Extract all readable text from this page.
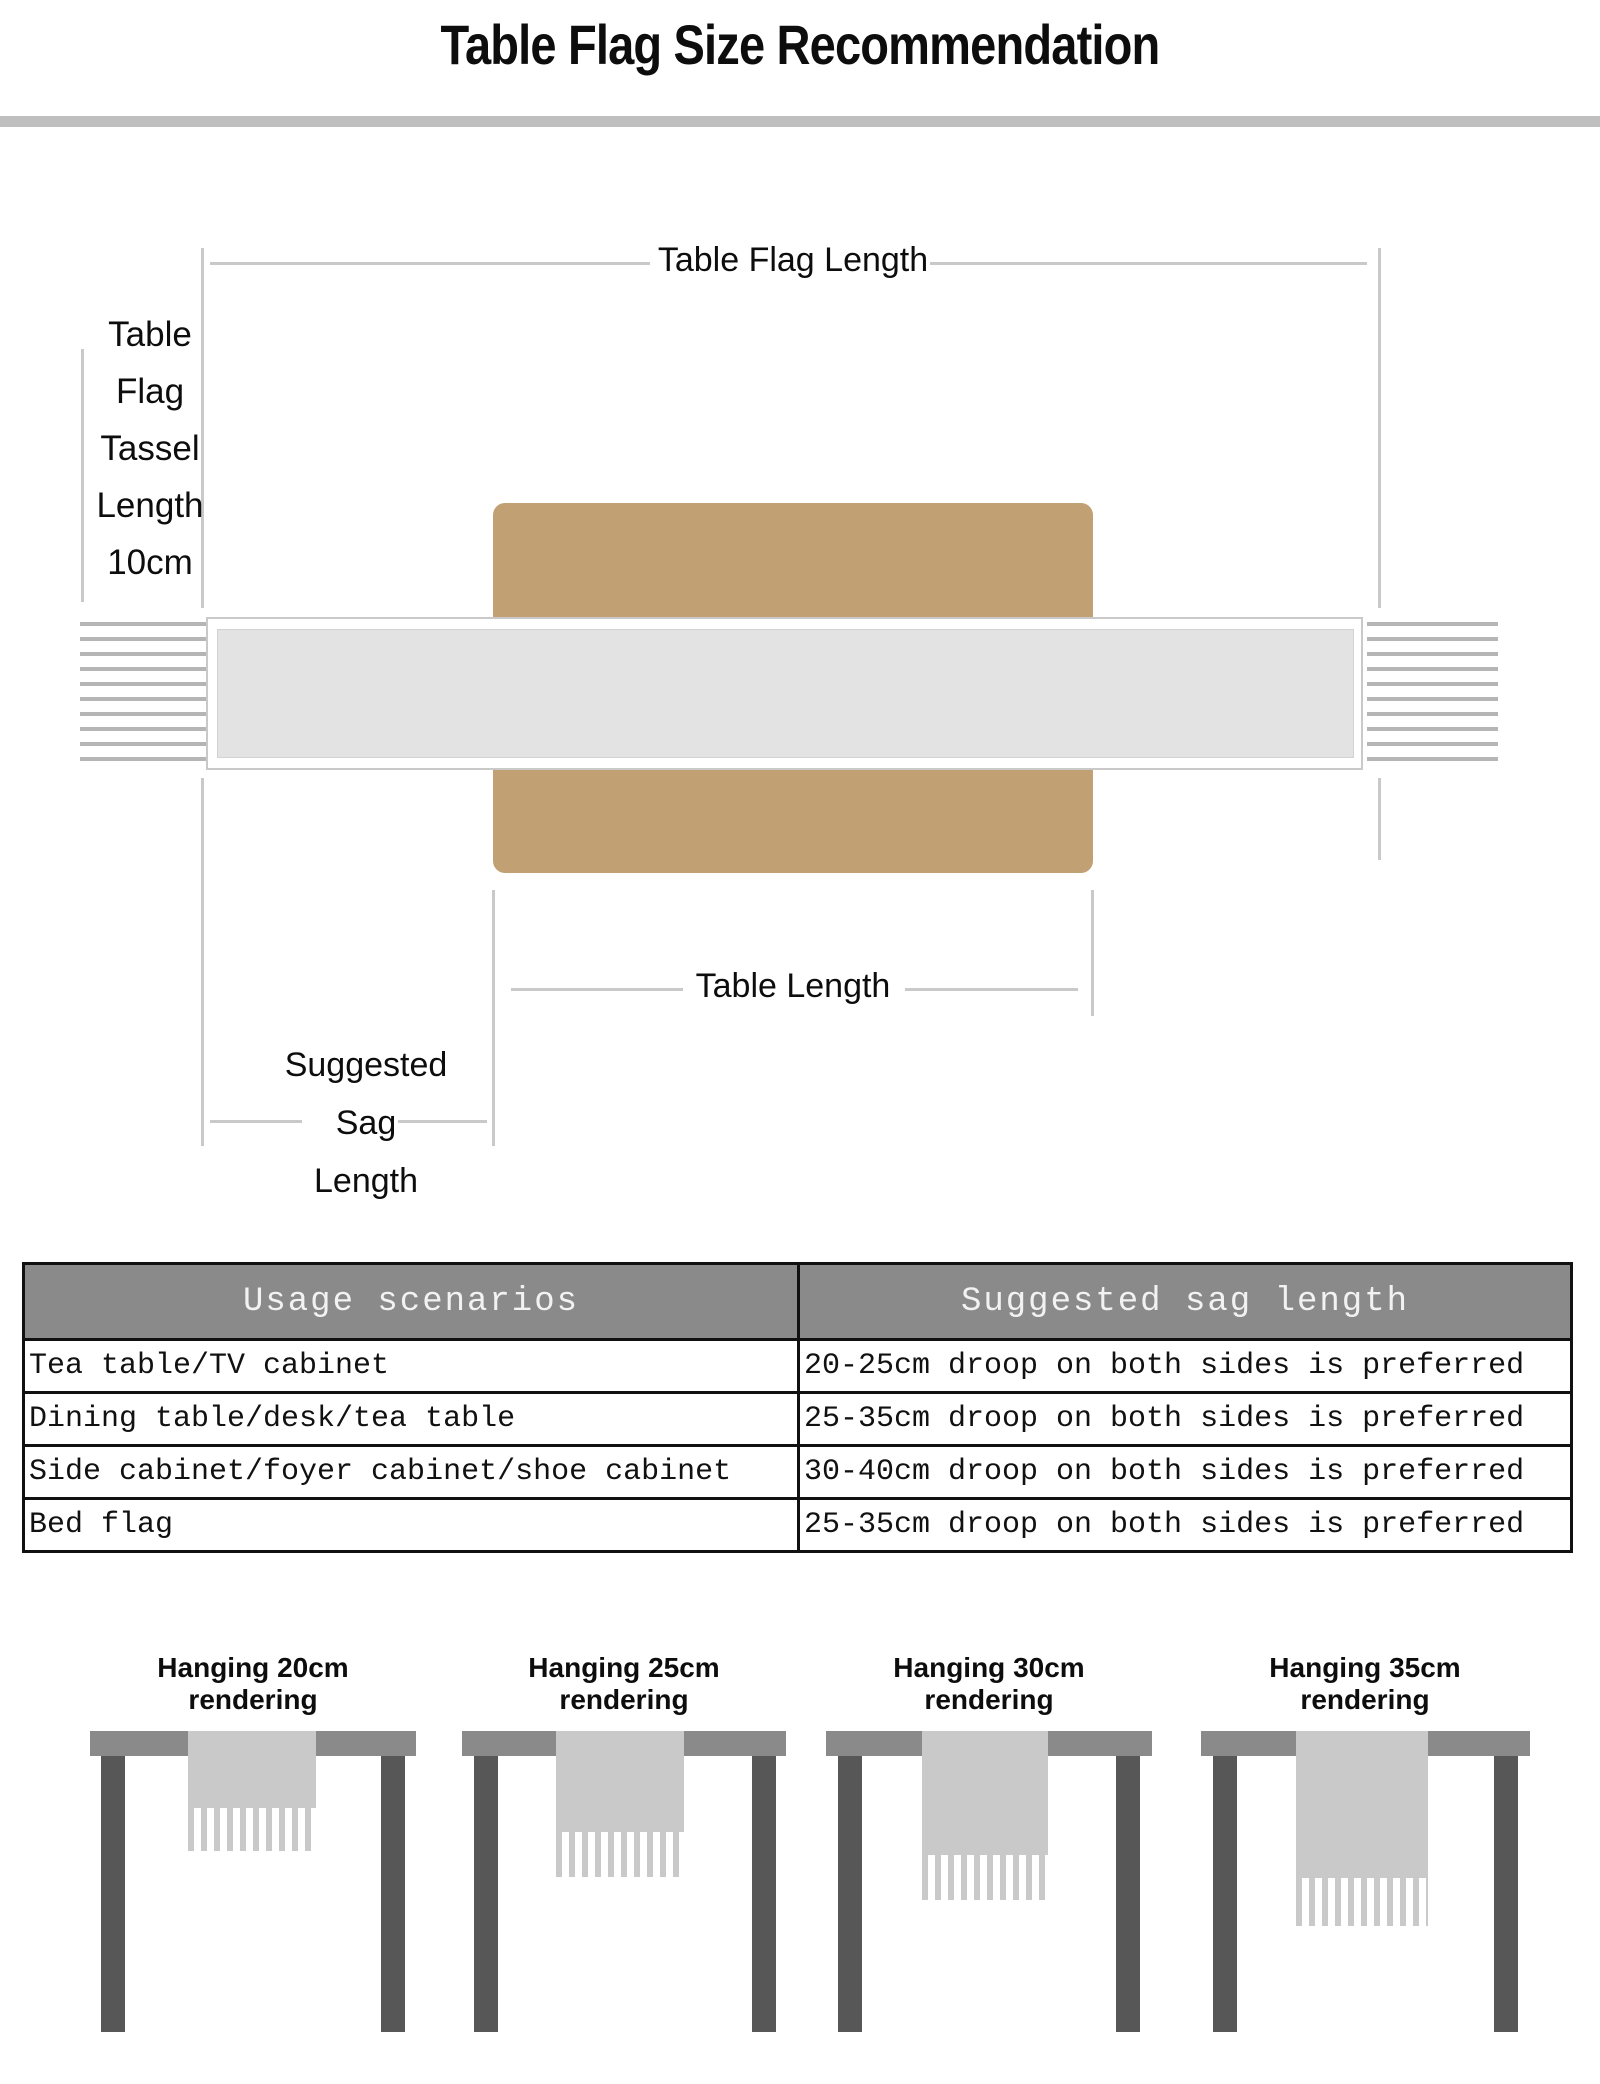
Table Flag Size Recommendation
Table Flag Length
Table
Flag
Tassel
Length
10cm
Suggested
Sag
Length
Table Length
Usage scenarios	Suggested sag length
Tea table/TV cabinet	20-25cm droop on both sides is preferred
Dining table/desk/tea table	25-35cm droop on both sides is preferred
Side cabinet/foyer cabinet/shoe cabinet	30-40cm droop on both sides is preferred
Bed flag	25-35cm droop on both sides is preferred
Hanging 20cm rendering
Hanging 25cm rendering
Hanging 30cm rendering
Hanging 35cm rendering
